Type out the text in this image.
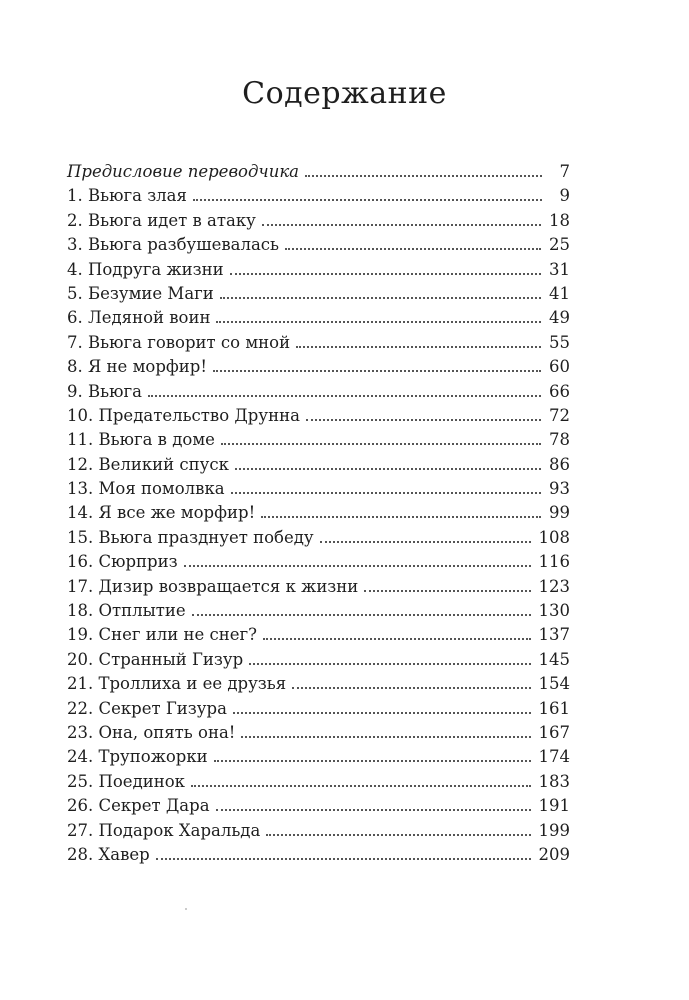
Содержание
Предисловие переводчика	7
1. Вьюга злая	9
2. Вьюга идет в атаку	18
3. Вьюга разбушевалась	25
4. Подруга жизни	31
5. Безумие Маги	41
6. Ледяной воин	49
7. Вьюга говорит со мной	55
8. Я не морфир!	60
9. Вьюга	66
10. Предательство Друнна	72
11. Вьюга в доме	78
12. Великий спуск	86
13. Моя помолвка	93
14. Я все же морфир!	99
15. Вьюга празднует победу	108
16. Сюрприз	116
17. Дизир возвращается к жизни	123
18. Отплытие	130
19. Снег или не снег?	137
20. Странный Гизур	145
21. Троллиха и ее друзья	154
22. Секрет Гизура	161
23. Она, опять она!	167
24. Трупожорки	174
25. Поединок	183
26. Секрет Дара	191
27. Подарок Харальда	199
28. Хавер	209
